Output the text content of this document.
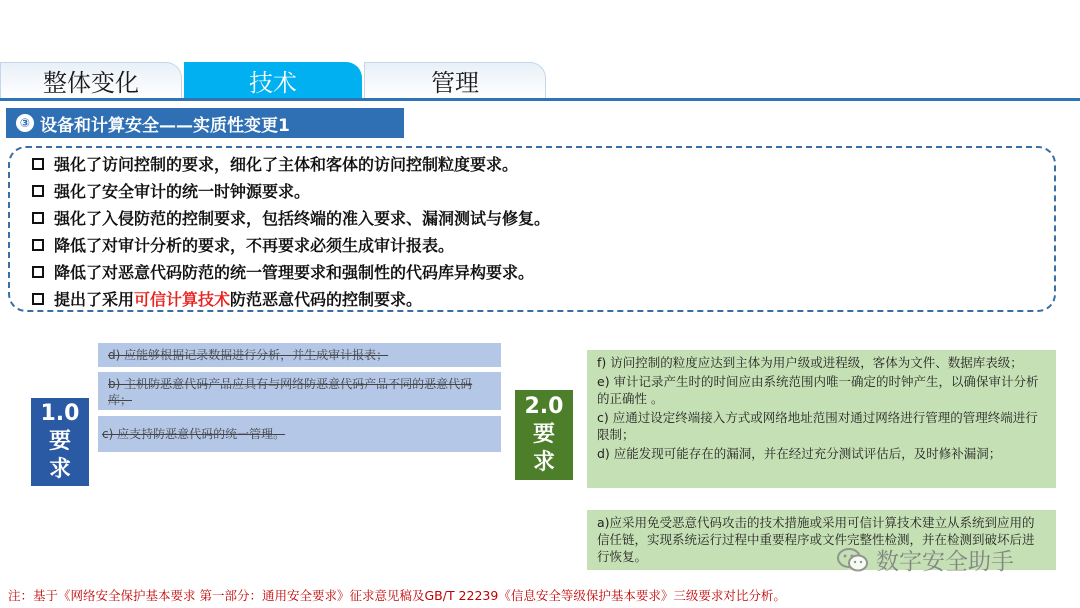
整体变化	技术	管理
③ 设备和计算安全——实质性变更1
强化了访问控制的要求，细化了主体和客体的访问控制粒度要求。
强化了安全审计的统一时钟源要求。
强化了入侵防范的控制要求，包括终端的准入要求、漏洞测试与修复。
降低了对审计分析的要求，不再要求必须生成审计报表。
降低了对恶意代码防范的统一管理要求和强制性的代码库异构要求。
提出了采用可信计算技术防范恶意代码的控制要求。
1.0
要
求
d) 应能够根据记录数据进行分析，并生成审计报表；
b) 主机防恶意代码产品应具有与网络防恶意代码产品不同的恶意代码库；
c) 应支持防恶意代码的统一管理。
2.0
要
求

f) 访问控制的粒度应达到主体为用户级或进程级，客体为文件、数据库表级；

e) 审计记录产生时的时间应由系统范围内唯一确定的时钟产生，以确保审计分析的正确性 。

c) 应通过设定终端接入方式或网络地址范围对通过网络进行管理的管理终端进行限制；

d) 应能发现可能存在的漏洞，并在经过充分测试评估后，及时修补漏洞；

a)应采用免受恶意代码攻击的技术措施或采用可信计算技术建立从系统到应用的信任链，实现系统运行过程中重要程序或文件完整性检测，并在检测到破坏后进行恢复。	数字安全助手
注：基于《网络安全保护基本要求 第一部分：通用安全要求》征求意见稿及GB/T 22239《信息安全等级保护基本要求》三级要求对比分析。
